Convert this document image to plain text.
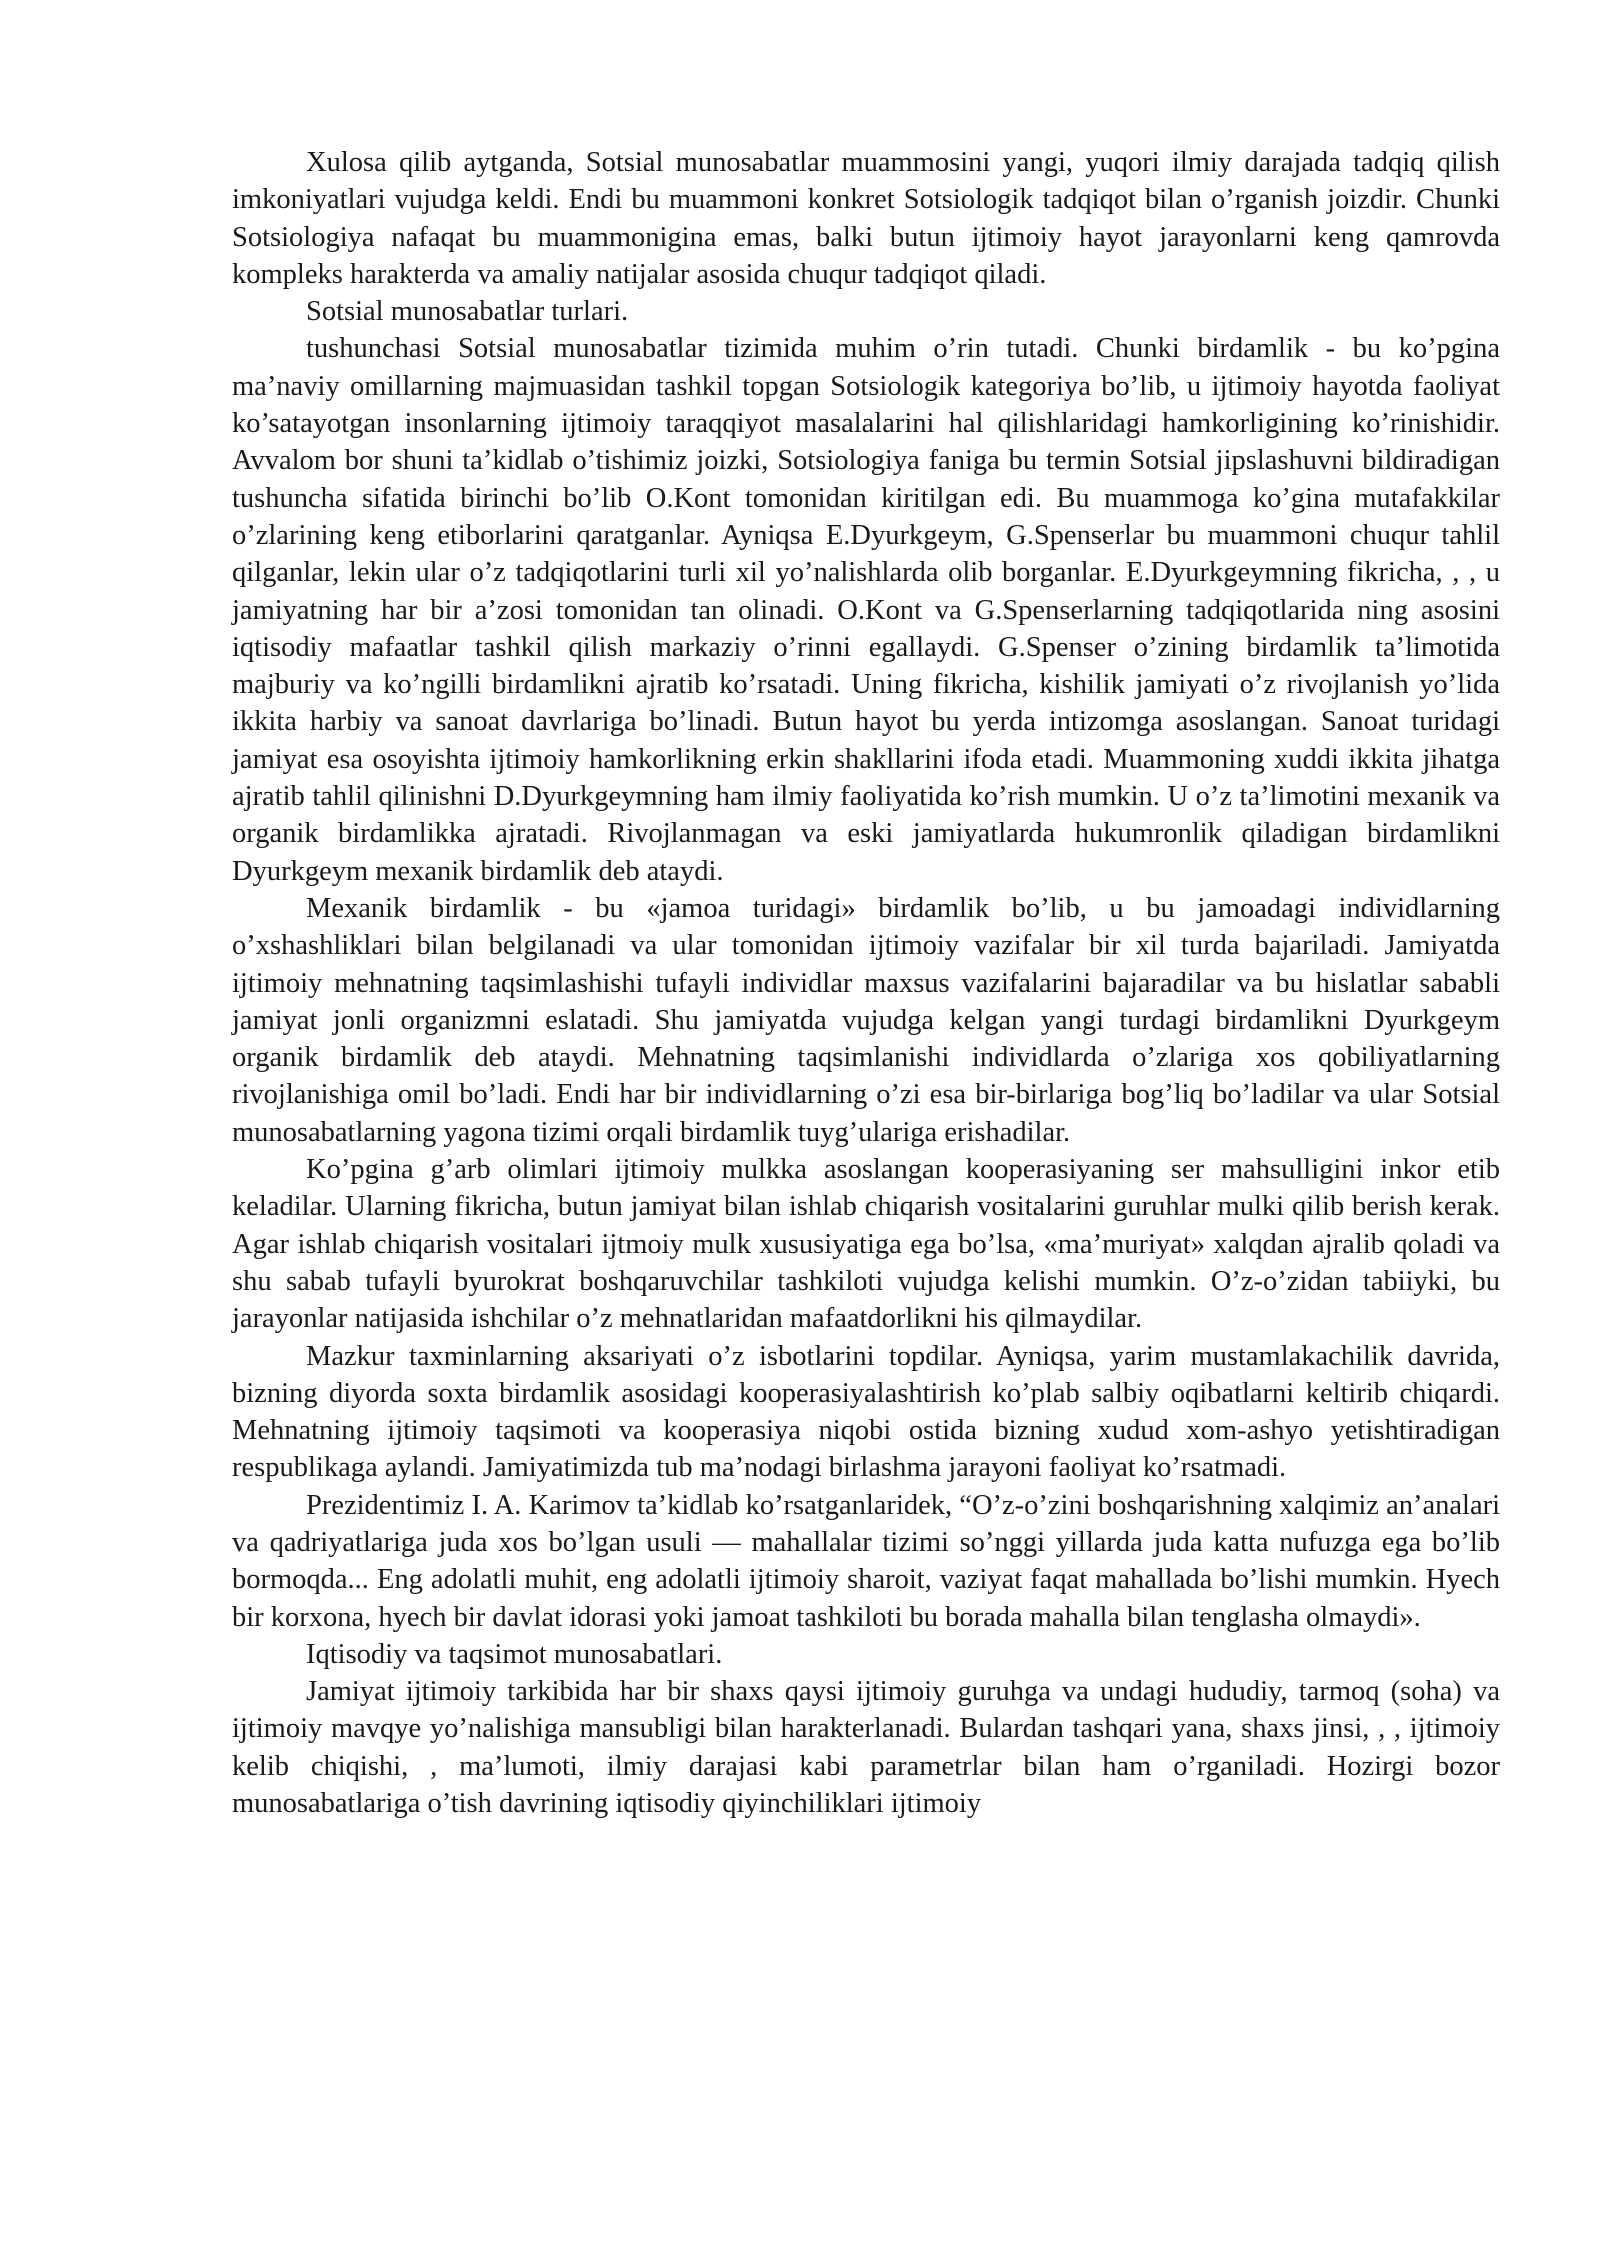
Xulosa qilib aytganda, Sotsial munosabatlar muammosini yangi, yuqori ilmiy darajada tadqiq qilish imkoniyatlari vujudga keldi. Endi bu muammoni konkret Sotsiologik tadqiqot bilan o’rganish joizdir. Chunki Sotsiologiya nafaqat bu muammonigina emas, balki butun ijtimoiy hayot jarayonlarni keng qamrovda kompleks harakterda va amaliy natijalar asosida chuqur tadqiqot qiladi.

Sotsial munosabatlar turlari.

tushunchasi Sotsial munosabatlar tizimida muhim o’rin tutadi. Chunki birdamlik - bu ko’pgina ma’naviy omillarning majmuasidan tashkil topgan Sotsiologik kategoriya bo’lib, u ijtimoiy hayotda faoliyat ko’satayotgan insonlarning ijtimoiy taraqqiyot masalalarini hal qilishlaridagi hamkorligining ko’rinishidir. Avvalom bor shuni ta’kidlab o’tishimiz joizki, Sotsiologiya faniga bu termin Sotsial jipslashuvni bildiradigan tushuncha sifatida birinchi bo’lib O.Kont tomonidan kiritilgan edi. Bu muammoga ko’gina mutafakkilar o’zlarining keng etiborlarini qaratganlar. Ayniqsa E.Dyurkgeym, G.Spenserlar bu muammoni chuqur tahlil qilganlar, lekin ular o’z tadqiqotlarini turli xil yo’nalishlarda olib borganlar. E.Dyurkgeymning fikricha, , , u jamiyatning har bir a’zosi tomonidan tan olinadi. O.Kont va G.Spenserlarning tadqiqotlarida ning asosini iqtisodiy mafaatlar tashkil qilish markaziy o’rinni egallaydi. G.Spenser o’zining birdamlik ta’limotida majburiy va ko’ngilli birdamlikni ajratib ko’rsatadi. Uning fikricha, kishilik jamiyati o’z rivojlanish yo’lida ikkita harbiy va sanoat davrlariga bo’linadi. Butun hayot bu yerda intizomga asoslangan. Sanoat turidagi jamiyat esa osoyishta ijtimoiy hamkorlikning erkin shakllarini ifoda etadi. Muammoning xuddi ikkita jihatga ajratib tahlil qilinishni D.Dyurkgeymning ham ilmiy faoliyatida ko’rish mumkin. U o’z ta’limotini mexanik va organik birdamlikka ajratadi. Rivojlanmagan va eski jamiyatlarda hukumronlik qiladigan birdamlikni Dyurkgeym mexanik birdamlik deb ataydi.

Mexanik birdamlik - bu «jamoa turidagi» birdamlik bo’lib, u bu jamoadagi individlarning o’xshashliklari bilan belgilanadi va ular tomonidan ijtimoiy vazifalar bir xil turda bajariladi. Jamiyatda ijtimoiy mehnatning taqsimlashishi tufayli individlar maxsus vazifalarini bajaradilar va bu hislatlar sababli jamiyat jonli organizmni eslatadi. Shu jamiyatda vujudga kelgan yangi turdagi birdamlikni Dyurkgeym organik birdamlik deb ataydi. Mehnatning taqsimlanishi individlarda o’zlariga xos qobiliyatlarning rivojlanishiga omil bo’ladi. Endi har bir individlarning o’zi esa bir-birlariga bog’liq bo’ladilar va ular Sotsial munosabatlarning yagona tizimi orqali birdamlik tuyg’ulariga erishadilar.

Ko’pgina g’arb olimlari ijtimoiy mulkka asoslangan kooperasiyaning ser mahsulligini inkor etib keladilar. Ularning fikricha, butun jamiyat bilan ishlab chiqarish vositalarini guruhlar mulki qilib berish kerak. Agar ishlab chiqarish vositalari ijtmoiy mulk xususiyatiga ega bo’lsa, «ma’muriyat» xalqdan ajralib qoladi va shu sabab tufayli byurokrat boshqaruvchilar tashkiloti vujudga kelishi mumkin. O’z-o’zidan tabiiyki, bu jarayonlar natijasida ishchilar o’z mehnatlaridan mafaatdorlikni his qilmaydilar.

Mazkur taxminlarning aksariyati o’z isbotlarini topdilar. Ayniqsa, yarim mustamlakachilik davrida, bizning diyorda soxta birdamlik asosidagi kooperasiyalashtirish ko’plab salbiy oqibatlarni keltirib chiqardi. Mehnatning ijtimoiy taqsimoti va kooperasiya niqobi ostida bizning xudud xom-ashyo yetishtiradigan respublikaga aylandi. Jamiyatimizda tub ma’nodagi birlashma jarayoni faoliyat ko’rsatmadi.

Prezidentimiz I. A. Karimov ta’kidlab ko’rsatganlaridek, “O’z-o’zini boshqarishning xalqimiz an’analari va qadriyatlariga juda xos bo’lgan usuli — mahallalar tizimi so’nggi yillarda juda katta nufuzga ega bo’lib bormoqda... Eng adolatli muhit, eng adolatli ijtimoiy sharoit, vaziyat faqat mahallada bo’lishi mumkin. Hyech bir korxona, hyech bir davlat idorasi yoki jamoat tashkiloti bu borada mahalla bilan tenglasha olmaydi».

Iqtisodiy va taqsimot munosabatlari.

Jamiyat ijtimoiy tarkibida har bir shaxs qaysi ijtimoiy guruhga va undagi hududiy, tarmoq (soha) va ijtimoiy mavqye yo’nalishiga mansubligi bilan harakterlanadi. Bulardan tashqari yana, shaxs jinsi, , , ijtimoiy kelib chiqishi, , ma’lumoti, ilmiy darajasi kabi parametrlar bilan ham o’rganiladi. Hozirgi bozor munosabatlariga o’tish davrining iqtisodiy qiyinchiliklari ijtimoiy
